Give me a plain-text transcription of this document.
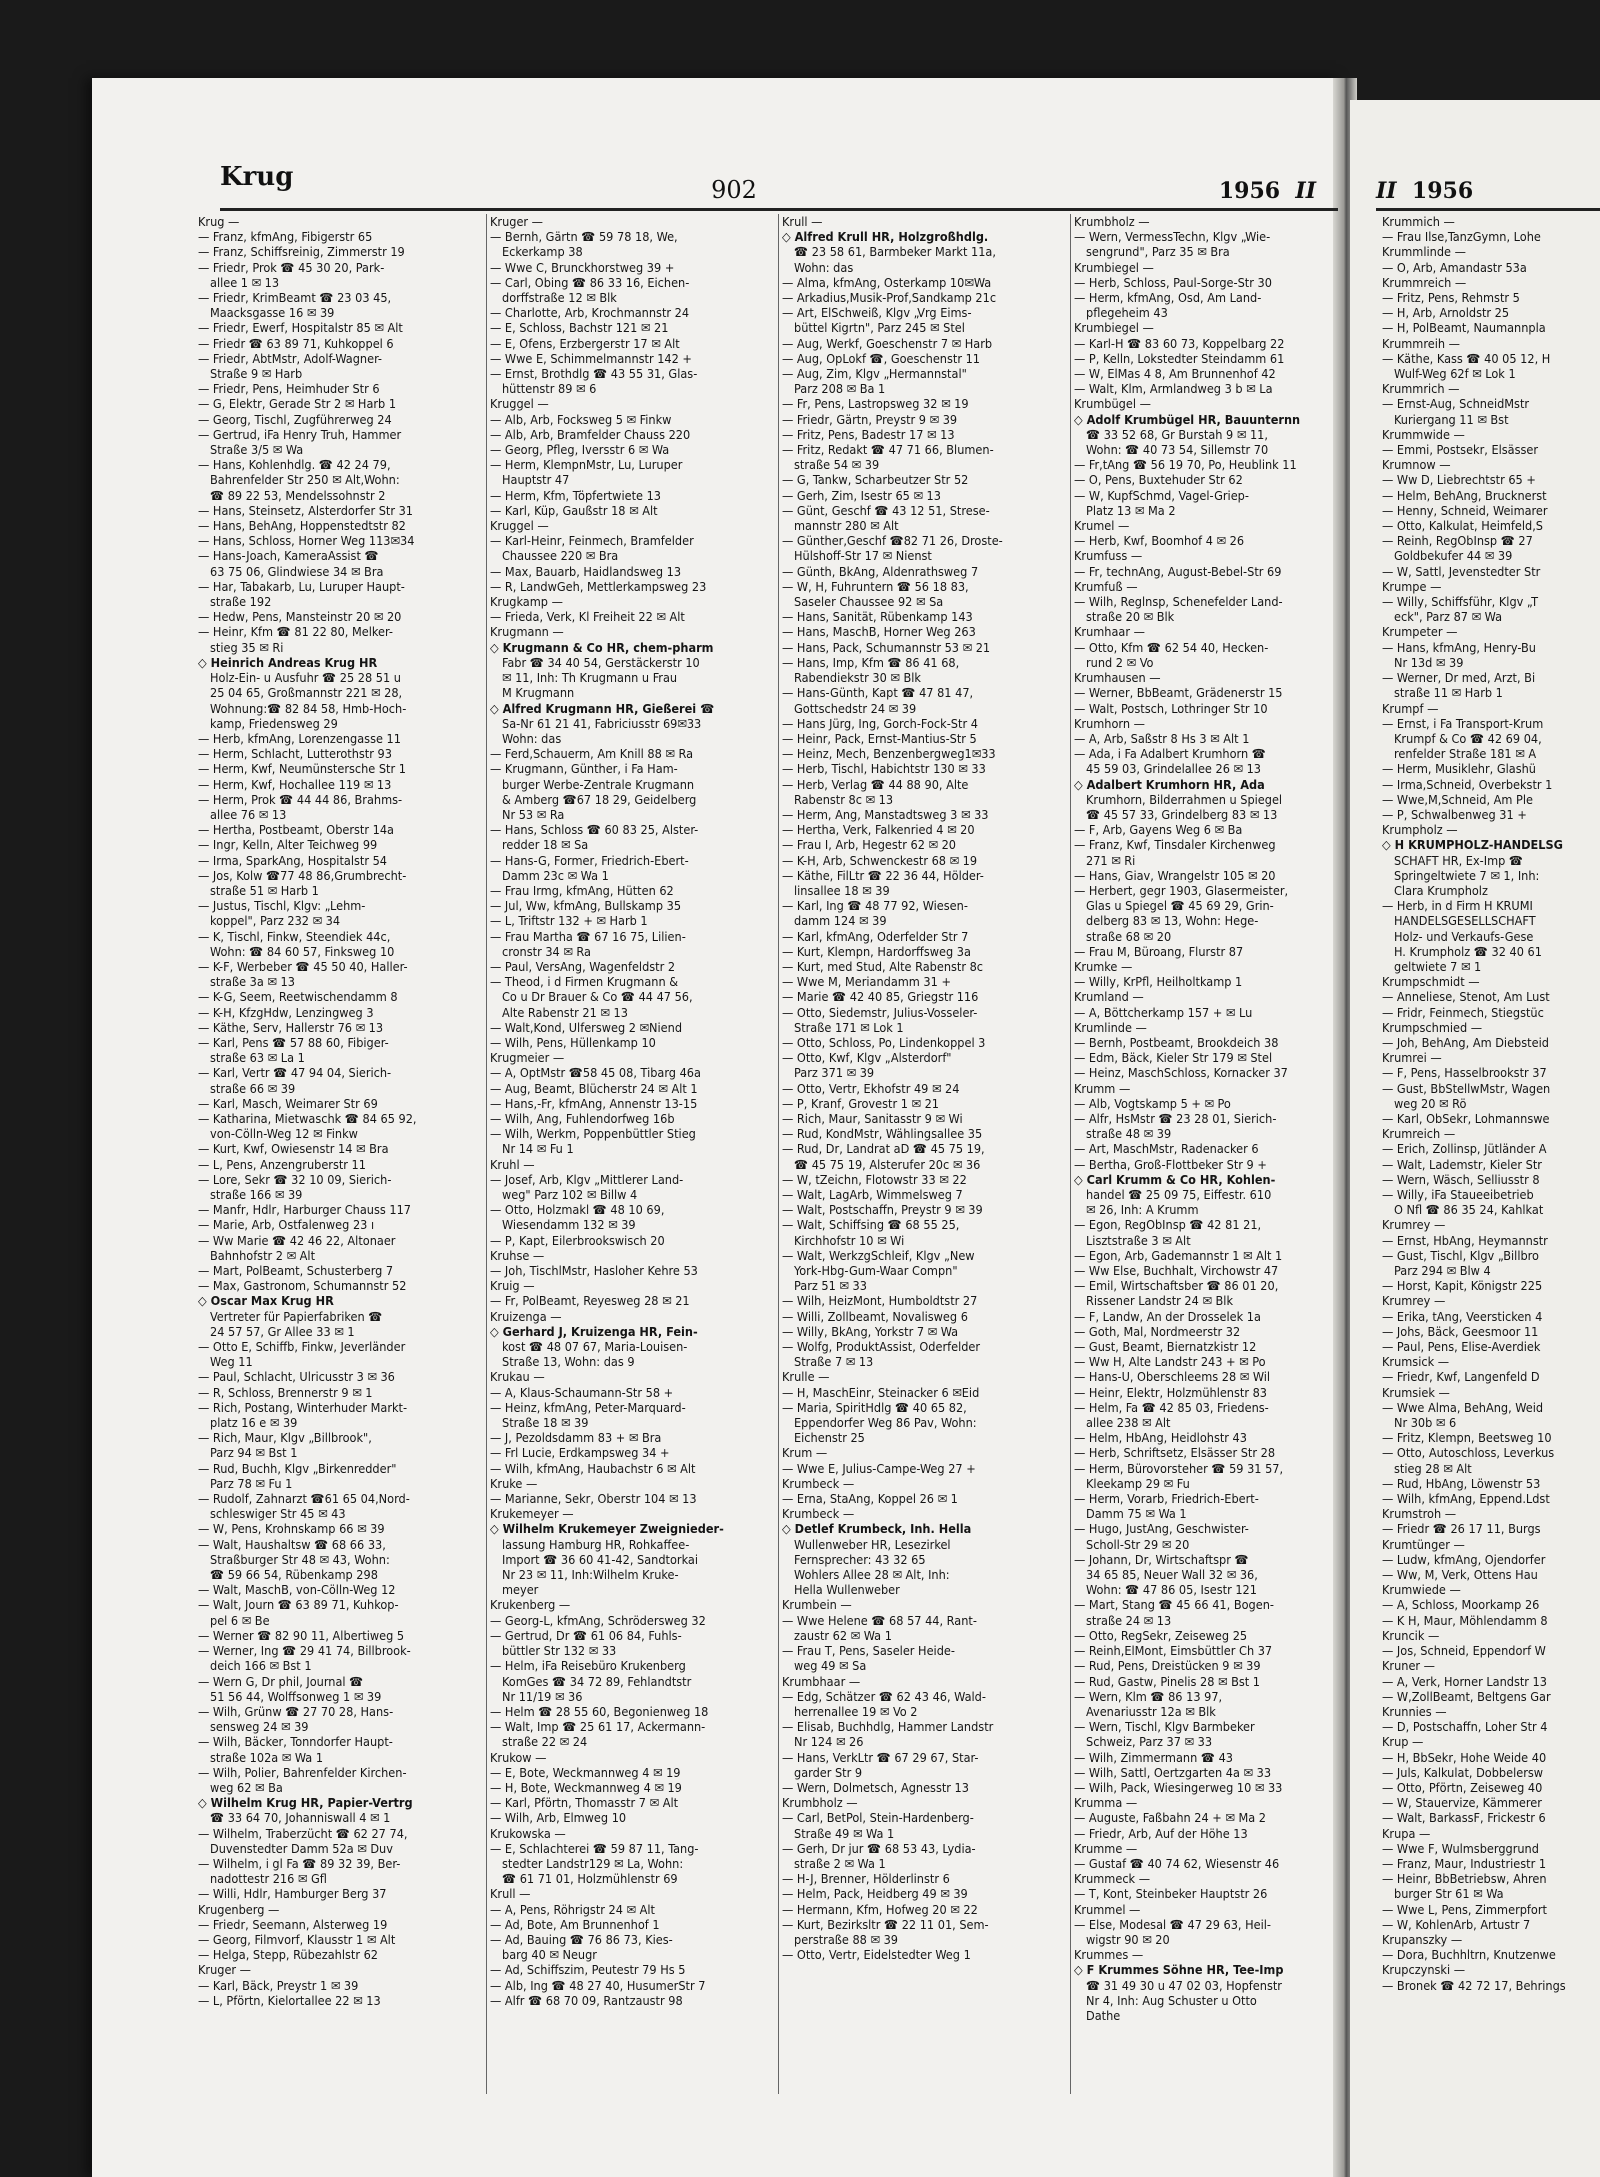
Krug	902	1956 II	II 1956
Krug —
— Franz, kfmAng, Fibigerstr 65
— Franz, Schiffsreinig, Zimmerstr 19
— Friedr, Prok ☎ 45 30 20, Park-
allee 1 ✉ 13
— Friedr, KrimBeamt ☎ 23 03 45,
Maacksgasse 16 ✉ 39
— Friedr, Ewerf, Hospitalstr 85 ✉ Alt
— Friedr ☎ 63 89 71, Kuhkoppel 6
— Friedr, AbtMstr, Adolf-Wagner-
Straße 9 ✉ Harb
— Friedr, Pens, Heimhuder Str 6
— G, Elektr, Gerade Str 2 ✉ Harb 1
— Georg, Tischl, Zugführerweg 24
— Gertrud, iFa Henry Truh, Hammer
Straße 3/5 ✉ Wa
— Hans, Kohlenhdlg. ☎ 42 24 79,
Bahrenfelder Str 250 ✉ Alt,Wohn:
☎ 89 22 53, Mendelssohnstr 2
— Hans, Steinsetz, Alsterdorfer Str 31
— Hans, BehAng, Hoppenstedtstr 82
— Hans, Schloss, Horner Weg 113✉34
— Hans-Joach, KameraAssist ☎
63 75 06, Glindwiese 34 ✉ Bra
— Har, Tabakarb, Lu, Luruper Haupt-
straße 192
— Hedw, Pens, Mansteinstr 20 ✉ 20
— Heinr, Kfm ☎ 81 22 80, Melker-
stieg 35 ✉ Ri
◇ Heinrich Andreas Krug HR
Holz-Ein- u Ausfuhr ☎ 25 28 51 u
25 04 65, Großmannstr 221 ✉ 28,
Wohnung:☎ 82 84 58, Hmb-Hoch-
kamp, Friedensweg 29
— Herb, kfmAng, Lorenzengasse 11
— Herm, Schlacht, Lutterothstr 93
— Herm, Kwf, Neumünstersche Str 1
— Herm, Kwf, Hochallee 119 ✉ 13
— Herm, Prok ☎ 44 44 86, Brahms-
allee 76 ✉ 13
— Hertha, Postbeamt, Oberstr 14a
— Ingr, Kelln, Alter Teichweg 99
— Irma, SparkAng, Hospitalstr 54
— Jos, Kolw ☎77 48 86,Grumbrecht-
straße 51 ✉ Harb 1
— Justus, Tischl, Klgv: „Lehm-
koppel", Parz 232 ✉ 34
— K, Tischl, Finkw, Steendiek 44c,
Wohn: ☎ 84 60 57, Finksweg 10
— K-F, Werbeber ☎ 45 50 40, Haller-
straße 3a ✉ 13
— K-G, Seem, Reetwischendamm 8
— K-H, KfzgHdw, Lenzingweg 3
— Käthe, Serv, Hallerstr 76 ✉ 13
— Karl, Pens ☎ 57 88 60, Fibiger-
straße 63 ✉ La 1
— Karl, Vertr ☎ 47 94 04, Sierich-
straße 66 ✉ 39
— Karl, Masch, Weimarer Str 69
— Katharina, Mietwaschk ☎ 84 65 92,
von-Cölln-Weg 12 ✉ Finkw
— Kurt, Kwf, Owiesenstr 14 ✉ Bra
— L, Pens, Anzengruberstr 11
— Lore, Sekr ☎ 32 10 09, Sierich-
straße 166 ✉ 39
— Manfr, Hdlr, Harburger Chauss 117
— Marie, Arb, Ostfalenweg 23 ı
— Ww Marie ☎ 42 46 22, Altonaer
Bahnhofstr 2 ✉ Alt
— Mart, PolBeamt, Schusterberg 7
— Max, Gastronom, Schumannstr 52
◇ Oscar Max Krug HR
Vertreter für Papierfabriken ☎
24 57 57, Gr Allee 33 ✉ 1
— Otto E, Schiffb, Finkw, Jeverländer
Weg 11
— Paul, Schlacht, Ulricusstr 3 ✉ 36
— R, Schloss, Brennerstr 9 ✉ 1
— Rich, Postang, Winterhuder Markt-
platz 16 e ✉ 39
— Rich, Maur, Klgv „Billbrook",
Parz 94 ✉ Bst 1
— Rud, Buchh, Klgv „Birkenredder"
Parz 78 ✉ Fu 1
— Rudolf, Zahnarzt ☎61 65 04,Nord-
schleswiger Str 45 ✉ 43
— W, Pens, Krohnskamp 66 ✉ 39
— Walt, Haushaltsw ☎ 68 66 33,
Straßburger Str 48 ✉ 43, Wohn:
☎ 59 66 54, Rübenkamp 298
— Walt, MaschB, von-Cölln-Weg 12
— Walt, Journ ☎ 63 89 71, Kuhkop-
pel 6 ✉ Be
— Werner ☎ 82 90 11, Albertiweg 5
— Werner, Ing ☎ 29 41 74, Billbrook-
deich 166 ✉ Bst 1
— Wern G, Dr phil, Journal ☎
51 56 44, Wolffsonweg 1 ✉ 39
— Wilh, Grünw ☎ 27 70 28, Hans-
sensweg 24 ✉ 39
— Wilh, Bäcker, Tonndorfer Haupt-
straße 102a ✉ Wa 1
— Wilh, Polier, Bahrenfelder Kirchen-
weg 62 ✉ Ba
◇ Wilhelm Krug HR, Papier-Vertrg
☎ 33 64 70, Johanniswall 4 ✉ 1
— Wilhelm, Traberzücht ☎ 62 27 74,
Duvenstedter Damm 52a ✉ Duv
— Wilhelm, i gl Fa ☎ 89 32 39, Ber-
nadottestr 216 ✉ Gfl
— Willi, Hdlr, Hamburger Berg 37
Krugenberg —
— Friedr, Seemann, Alsterweg 19
— Georg, Filmvorf, Klausstr 1 ✉ Alt
— Helga, Stepp, Rübezahlstr 62
Kruger —
— Karl, Bäck, Preystr 1 ✉ 39
— L, Pförtn, Kielortallee 22 ✉ 13
Kruger —
— Bernh, Gärtn ☎ 59 78 18, We,
Eckerkamp 38
— Wwe C, Brunckhorstweg 39 +
— Carl, Obing ☎ 86 33 16, Eichen-
dorffstraße 12 ✉ Blk
— Charlotte, Arb, Krochmannstr 24
— E, Schloss, Bachstr 121 ✉ 21
— E, Ofens, Erzbergerstr 17 ✉ Alt
— Wwe E, Schimmelmannstr 142 +
— Ernst, Brothdlg ☎ 43 55 31, Glas-
hüttenstr 89 ✉ 6
Kruggel —
— Alb, Arb, Focksweg 5 ✉ Finkw
— Alb, Arb, Bramfelder Chauss 220
— Georg, Pfleg, Iversstr 6 ✉ Wa
— Herm, KlempnMstr, Lu, Luruper
Hauptstr 47
— Herm, Kfm, Töpfertwiete 13
— Karl, Küp, Gaußstr 18 ✉ Alt
Kruggel —
— Karl-Heinr, Feinmech, Bramfelder
Chaussee 220 ✉ Bra
— Max, Bauarb, Haidlandsweg 13
— R, LandwGeh, Mettlerkampsweg 23
Krugkamp —
— Frieda, Verk, Kl Freiheit 22 ✉ Alt
Krugmann —
◇ Krugmann & Co HR, chem-pharm
Fabr ☎ 34 40 54, Gerstäckerstr 10
✉ 11, Inh: Th Krugmann u Frau
M Krugmann
◇ Alfred Krugmann HR, Gießerei ☎
Sa-Nr 61 21 41, Fabriciusstr 69✉33
Wohn: das
— Ferd,Schauerm, Am Knill 88 ✉ Ra
— Krugmann, Günther, i Fa Ham-
burger Werbe-Zentrale Krugmann
& Amberg ☎67 18 29, Geidelberg
Nr 53 ✉ Ra
— Hans, Schloss ☎ 60 83 25, Alster-
redder 18 ✉ Sa
— Hans-G, Former, Friedrich-Ebert-
Damm 23c ✉ Wa 1
— Frau Irmg, kfmAng, Hütten 62
— Jul, Ww, kfmAng, Bullskamp 35
— L, Triftstr 132 + ✉ Harb 1
— Frau Martha ☎ 67 16 75, Lilien-
cronstr 34 ✉ Ra
— Paul, VersAng, Wagenfeldstr 2
— Theod, i d Firmen Krugmann &
Co u Dr Brauer & Co ☎ 44 47 56,
Alte Rabenstr 21 ✉ 13
— Walt,Kond, Ulfersweg 2 ✉Niend
— Wilh, Pens, Hüllenkamp 10
Krugmeier —
— A, OptMstr ☎58 45 08, Tibarg 46a
— Aug, Beamt, Blücherstr 24 ✉ Alt 1
— Hans,-Fr, kfmAng, Annenstr 13-15
— Wilh, Ang, Fuhlendorfweg 16b
— Wilh, Werkm, Poppenbüttler Stieg
Nr 14 ✉ Fu 1
Kruhl —
— Josef, Arb, Klgv „Mittlerer Land-
weg" Parz 102 ✉ Billw 4
— Otto, Holzmakl ☎ 48 10 69,
Wiesendamm 132 ✉ 39
— P, Kapt, Eilerbrookswisch 20
Kruhse —
— Joh, TischlMstr, Hasloher Kehre 53
Kruig —
— Fr, PolBeamt, Reyesweg 28 ✉ 21
Kruizenga —
◇ Gerhard J, Kruizenga HR, Fein-
kost ☎ 48 07 67, Maria-Louisen-
Straße 13, Wohn: das 9
Krukau —
— A, Klaus-Schaumann-Str 58 +
— Heinz, kfmAng, Peter-Marquard-
Straße 18 ✉ 39
— J, Pezoldsdamm 83 + ✉ Bra
— Frl Lucie, Erdkampsweg 34 +
— Wilh, kfmAng, Haubachstr 6 ✉ Alt
Kruke —
— Marianne, Sekr, Oberstr 104 ✉ 13
Krukemeyer —
◇ Wilhelm Krukemeyer Zweignieder-
lassung Hamburg HR, Rohkaffee-
Import ☎ 36 60 41-42, Sandtorkai
Nr 23 ✉ 11, Inh:Wilhelm Kruke-
meyer
Krukenberg —
— Georg-L, kfmAng, Schrödersweg 32
— Gertrud, Dr ☎ 61 06 84, Fuhls-
büttler Str 132 ✉ 33
— Helm, iFa Reisebüro Krukenberg
KomGes ☎ 34 72 89, Fehlandtstr
Nr 11/19 ✉ 36
— Helm ☎ 28 55 60, Begonienweg 18
— Walt, Imp ☎ 25 61 17, Ackermann-
straße 22 ✉ 24
Krukow —
— E, Bote, Weckmannweg 4 ✉ 19
— H, Bote, Weckmannweg 4 ✉ 19
— Karl, Pförtn, Thomasstr 7 ✉ Alt
— Wilh, Arb, Elmweg 10
Krukowska —
— E, Schlachterei ☎ 59 87 11, Tang-
stedter Landstr129 ✉ La, Wohn:
☎ 61 71 01, Holzmühlenstr 69
Krull —
— A, Pens, Röhrigstr 24 ✉ Alt
— Ad, Bote, Am Brunnenhof 1
— Ad, Bauing ☎ 76 86 73, Kies-
barg 40 ✉ Neugr
— Ad, Schiffszim, Peutestr 79 Hs 5
— Alb, Ing ☎ 48 27 40, HusumerStr 7
— Alfr ☎ 68 70 09, Rantzaustr 98
Krull —
◇ Alfred Krull HR, Holzgroßhdlg.
☎ 23 58 61, Barmbeker Markt 11a,
Wohn: das
— Alma, kfmAng, Osterkamp 10✉Wa
— Arkadius,Musik-Prof,Sandkamp 21c
— Art, ElSchweiß, Klgv „Vrg Eims-
büttel Kigrtn", Parz 245 ✉ Stel
— Aug, Werkf, Goeschenstr 7 ✉ Harb
— Aug, OpLokf ☎, Goeschenstr 11
— Aug, Zim, Klgv „Hermannstal"
Parz 208 ✉ Ba 1
— Fr, Pens, Lastropsweg 32 ✉ 19
— Friedr, Gärtn, Preystr 9 ✉ 39
— Fritz, Pens, Badestr 17 ✉ 13
— Fritz, Redakt ☎ 47 71 66, Blumen-
straße 54 ✉ 39
— G, Tankw, Scharbeutzer Str 52
— Gerh, Zim, Isestr 65 ✉ 13
— Günt, Geschf ☎ 43 12 51, Strese-
mannstr 280 ✉ Alt
— Günther,Geschf ☎82 71 26, Droste-
Hülshoff-Str 17 ✉ Nienst
— Günth, BkAng, Aldenrathsweg 7
— W, H, Fuhruntern ☎ 56 18 83,
Saseler Chaussee 92 ✉ Sa
— Hans, Sanität, Rübenkamp 143
— Hans, MaschB, Horner Weg 263
— Hans, Pack, Schumannstr 53 ✉ 21
— Hans, Imp, Kfm ☎ 86 41 68,
Rabendiekstr 30 ✉ Blk
— Hans-Günth, Kapt ☎ 47 81 47,
Gottschedstr 24 ✉ 39
— Hans Jürg, Ing, Gorch-Fock-Str 4
— Heinr, Pack, Ernst-Mantius-Str 5
— Heinz, Mech, Benzenbergweg1✉33
— Herb, Tischl, Habichtstr 130 ✉ 33
— Herb, Verlag ☎ 44 88 90, Alte
Rabenstr 8c ✉ 13
— Herm, Ang, Manstadtsweg 3 ✉ 33
— Hertha, Verk, Falkenried 4 ✉ 20
— Frau I, Arb, Hegestr 62 ✉ 20
— K-H, Arb, Schwenckestr 68 ✉ 19
— Käthe, FilLtr ☎ 22 36 44, Hölder-
linsallee 18 ✉ 39
— Karl, Ing ☎ 48 77 92, Wiesen-
damm 124 ✉ 39
— Karl, kfmAng, Oderfelder Str 7
— Kurt, Klempn, Hardorffsweg 3a
— Kurt, med Stud, Alte Rabenstr 8c
— Wwe M, Meriandamm 31 +
— Marie ☎ 42 40 85, Griegstr 116
— Otto, Siedemstr, Julius-Vosseler-
Straße 171 ✉ Lok 1
— Otto, Schloss, Po, Lindenkoppel 3
— Otto, Kwf, Klgv „Alsterdorf"
Parz 371 ✉ 39
— Otto, Vertr, Ekhofstr 49 ✉ 24
— P, Kranf, Grovestr 1 ✉ 21
— Rich, Maur, Sanitasstr 9 ✉ Wi
— Rud, KondMstr, Wählingsallee 35
— Rud, Dr, Landrat aD ☎ 45 75 19,
☎ 45 75 19, Alsterufer 20c ✉ 36
— W, tZeichn, Flotowstr 33 ✉ 22
— Walt, LagArb, Wimmelsweg 7
— Walt, Postschaffn, Preystr 9 ✉ 39
— Walt, Schiffsing ☎ 68 55 25,
Kirchhofstr 10 ✉ Wi
— Walt, WerkzgSchleif, Klgv „New
York-Hbg-Gum-Waar Compn"
Parz 51 ✉ 33
— Wilh, HeizMont, Humboldtstr 27
— Willi, Zollbeamt, Novalisweg 6
— Willy, BkAng, Yorkstr 7 ✉ Wa
— Wolfg, ProduktAssist, Oderfelder
Straße 7 ✉ 13
Krulle —
— H, MaschEinr, Steinacker 6 ✉Eid
— Maria, SpiritHdlg ☎ 40 65 82,
Eppendorfer Weg 86 Pav, Wohn:
Eichenstr 25
Krum —
— Wwe E, Julius-Campe-Weg 27 +
Krumbeck —
— Erna, StaAng, Koppel 26 ✉ 1
Krumbeck —
◇ Detlef Krumbeck, Inh. Hella
Wullenweber HR, Lesezirkel
Fernsprecher: 43 32 65
Wohlers Allee 28 ✉ Alt, Inh:
Hella Wullenweber
Krumbein —
— Wwe Helene ☎ 68 57 44, Rant-
zaustr 62 ✉ Wa 1
— Frau T, Pens, Saseler Heide-
weg 49 ✉ Sa
Krumbhaar —
— Edg, Schätzer ☎ 62 43 46, Wald-
herrenallee 19 ✉ Vo 2
— Elisab, Buchhdlg, Hammer Landstr
Nr 124 ✉ 26
— Hans, VerkLtr ☎ 67 29 67, Star-
garder Str 9
— Wern, Dolmetsch, Agnesstr 13
Krumbholz —
— Carl, BetPol, Stein-Hardenberg-
Straße 49 ✉ Wa 1
— Gerh, Dr jur ☎ 68 53 43, Lydia-
straße 2 ✉ Wa 1
— H-J, Brenner, Hölderlinstr 6
— Helm, Pack, Heidberg 49 ✉ 39
— Hermann, Kfm, Hofweg 20 ✉ 22
— Kurt, Bezirksltr ☎ 22 11 01, Sem-
perstraße 88 ✉ 39
— Otto, Vertr, Eidelstedter Weg 1
Krumbholz —
— Wern, VermessTechn, Klgv „Wie-
sengrund", Parz 35 ✉ Bra
Krumbiegel —
— Herb, Schloss, Paul-Sorge-Str 30
— Herm, kfmAng, Osd, Am Land-
pflegeheim 43
Krumbiegel —
— Karl-H ☎ 83 60 73, Koppelbarg 22
— P, Kelln, Lokstedter Steindamm 61
— W, ElMas 4 8, Am Brunnenhof 42
— Walt, Klm, Armlandweg 3 b ✉ La
Krumbügel —
◇ Adolf Krumbügel HR, Bauunternn
☎ 33 52 68, Gr Burstah 9 ✉ 11,
Wohn: ☎ 40 73 54, Sillemstr 70
— Fr,tAng ☎ 56 19 70, Po, Heublink 11
— O, Pens, Buxtehuder Str 62
— W, KupfSchmd, Vagel-Griep-
Platz 13 ✉ Ma 2
Krumel —
— Herb, Kwf, Boomhof 4 ✉ 26
Krumfuss —
— Fr, technAng, August-Bebel-Str 69
Krumfuß —
— Wilh, Reglnsp, Schenefelder Land-
straße 20 ✉ Blk
Krumhaar —
— Otto, Kfm ☎ 62 54 40, Hecken-
rund 2 ✉ Vo
Krumhausen —
— Werner, BbBeamt, Grädenerstr 15
— Walt, Postsch, Lothringer Str 10
Krumhorn —
— A, Arb, Saßstr 8 Hs 3 ✉ Alt 1
— Ada, i Fa Adalbert Krumhorn ☎
45 59 03, Grindelallee 26 ✉ 13
◇ Adalbert Krumhorn HR, Ada
Krumhorn, Bilderrahmen u Spiegel
☎ 45 57 33, Grindelberg 83 ✉ 13
— F, Arb, Gayens Weg 6 ✉ Ba
— Franz, Kwf, Tinsdaler Kirchenweg
271 ✉ Ri
— Hans, Giav, Wrangelstr 105 ✉ 20
— Herbert, gegr 1903, Glasermeister,
Glas u Spiegel ☎ 45 69 29, Grin-
delberg 83 ✉ 13, Wohn: Hege-
straße 68 ✉ 20
— Frau M, Büroang, Flurstr 87
Krumke —
— Willy, KrPfl, Heilholtkamp 1
Krumland —
— A, Böttcherkamp 157 + ✉ Lu
Krumlinde —
— Bernh, Postbeamt, Brookdeich 38
— Edm, Bäck, Kieler Str 179 ✉ Stel
— Heinz, MaschSchloss, Kornacker 37
Krumm —
— Alb, Vogtskamp 5 + ✉ Po
— Alfr, HsMstr ☎ 23 28 01, Sierich-
straße 48 ✉ 39
— Art, MaschMstr, Radenacker 6
— Bertha, Groß-Flottbeker Str 9 +
◇ Carl Krumm & Co HR, Kohlen-
handel ☎ 25 09 75, Eiffestr. 610
✉ 26, Inh: A Krumm
— Egon, RegObInsp ☎ 42 81 21,
Lisztstraße 3 ✉ Alt
— Egon, Arb, Gademannstr 1 ✉ Alt 1
— Ww Else, Buchhalt, Virchowstr 47
— Emil, Wirtschaftsber ☎ 86 01 20,
Rissener Landstr 24 ✉ Blk
— F, Landw, An der Drosselek 1a
— Goth, Mal, Nordmeerstr 32
— Gust, Beamt, Biernatzkistr 12
— Ww H, Alte Landstr 243 + ✉ Po
— Hans-U, Oberschleems 28 ✉ Wil
— Heinr, Elektr, Holzmühlenstr 83
— Helm, Fa ☎ 42 85 03, Friedens-
allee 238 ✉ Alt
— Helm, HbAng, Heidlohstr 43
— Herb, Schriftsetz, Elsässer Str 28
— Herm, Bürovorsteher ☎ 59 31 57,
Kleekamp 29 ✉ Fu
— Herm, Vorarb, Friedrich-Ebert-
Damm 75 ✉ Wa 1
— Hugo, JustAng, Geschwister-
Scholl-Str 29 ✉ 20
— Johann, Dr, Wirtschaftspr ☎
34 65 85, Neuer Wall 32 ✉ 36,
Wohn: ☎ 47 86 05, Isestr 121
— Mart, Stang ☎ 45 66 41, Bogen-
straße 24 ✉ 13
— Otto, RegSekr, Zeiseweg 25
— Reinh,ElMont, Eimsbüttler Ch 37
— Rud, Pens, Dreistücken 9 ✉ 39
— Rud, Gastw, Pinelis 28 ✉ Bst 1
— Wern, Klm ☎ 86 13 97,
Avenariusstr 12a ✉ Blk
— Wern, Tischl, Klgv Barmbeker
Schweiz, Parz 37 ✉ 33
— Wilh, Zimmermann ☎ 43
— Wilh, Sattl, Oertzgarten 4a ✉ 33
— Wilh, Pack, Wiesingerweg 10 ✉ 33
Krumma —
— Auguste, Faßbahn 24 + ✉ Ma 2
— Friedr, Arb, Auf der Höhe 13
Krumme —
— Gustaf ☎ 40 74 62, Wiesenstr 46
Krummeck —
— T, Kont, Steinbeker Hauptstr 26
Krummel —
— Else, Modesal ☎ 47 29 63, Heil-
wigstr 90 ✉ 20
Krummes —
◇ F Krummes Söhne HR, Tee-Imp
☎ 31 49 30 u 47 02 03, Hopfenstr
Nr 4, Inh: Aug Schuster u Otto
Dathe
Krummich —
— Frau Ilse,TanzGymn, Lohe
Krummlinde —
— O, Arb, Amandastr 53a
Krummreich —
— Fritz, Pens, Rehmstr 5
— H, Arb, Arnoldstr 25
— H, PolBeamt, Naumannpla
Krummreih —
— Käthe, Kass ☎ 40 05 12, H
Wulf-Weg 62f ✉ Lok 1
Krummrich —
— Ernst-Aug, SchneidMstr
Kuriergang 11 ✉ Bst
Krummwide —
— Emmi, Postsekr, Elsässer
Krumnow —
— Ww D, Liebrechtstr 65 +
— Helm, BehAng, Brucknerst
— Henny, Schneid, Weimarer
— Otto, Kalkulat, Heimfeld,S
— Reinh, RegObInsp ☎ 27
Goldbekufer 44 ✉ 39
— W, Sattl, Jevenstedter Str
Krumpe —
— Willy, Schiffsführ, Klgv „T
eck", Parz 87 ✉ Wa
Krumpeter —
— Hans, kfmAng, Henry-Bu
Nr 13d ✉ 39
— Werner, Dr med, Arzt, Bi
straße 11 ✉ Harb 1
Krumpf —
— Ernst, i Fa Transport-Krum
Krumpf & Co ☎ 42 69 04,
renfelder Straße 181 ✉ A
— Herm, Musiklehr, Glashü
— Irma,Schneid, Overbekstr 1
— Wwe,M,Schneid, Am Ple
— P, Schwalbenweg 31 +
Krumpholz —
◇ H KRUMPHOLZ-HANDELSG
SCHAFT HR, Ex-Imp ☎
Springeltwiete 7 ✉ 1, Inh:
Clara Krumpholz
— Herb, in d Firm H KRUMI
HANDELSGESELLSCHAFT
Holz- und Verkaufs-Gese
H. Krumpholz ☎ 32 40 61
geltwiete 7 ✉ 1
Krumpschmidt —
— Anneliese, Stenot, Am Lust
— Fridr, Feinmech, Stiegstüc
Krumpschmied —
— Joh, BehAng, Am Diebsteid
Krumrei —
— F, Pens, Hasselbrookstr 37
— Gust, BbStellwMstr, Wagen
weg 20 ✉ Rö
— Karl, ObSekr, Lohmannswe
Krumreich —
— Erich, Zollinsp, Jütländer A
— Walt, Lademstr, Kieler Str
— Wern, Wäsch, Selliusstr 8
— Willy, iFa Staueeibetrieb
O Nfl ☎ 86 35 24, Kahlkat
Krumrey —
— Ernst, HbAng, Heymannstr
— Gust, Tischl, Klgv „Billbro
Parz 294 ✉ Blw 4
— Horst, Kapit, Königstr 225
Krumrey —
— Erika, tAng, Veersticken 4
— Johs, Bäck, Geesmoor 11
— Paul, Pens, Elise-Averdiek
Krumsick —
— Friedr, Kwf, Langenfeld D
Krumsiek —
— Wwe Alma, BehAng, Weid
Nr 30b ✉ 6
— Fritz, Klempn, Beetsweg 10
— Otto, Autoschloss, Leverkus
stieg 28 ✉ Alt
— Rud, HbAng, Löwenstr 53
— Wilh, kfmAng, Eppend.Ldst
Krumstroh —
— Friedr ☎ 26 17 11, Burgs
Krumtünger —
— Ludw, kfmAng, Ojendorfer
— Ww, M, Verk, Ottens Hau
Krumwiede —
— A, Schloss, Moorkamp 26
— K H, Maur, Möhlendamm 8
Kruncik —
— Jos, Schneid, Eppendorf W
Kruner —
— A, Verk, Horner Landstr 13
— W,ZollBeamt, Beltgens Gar
Krunnies —
— D, Postschaffn, Loher Str 4
Krup —
— H, BbSekr, Hohe Weide 40
— Juls, Kalkulat, Dobbelersw
— Otto, Pförtn, Zeiseweg 40
— W, Stauervize, Kämmerer
— Walt, BarkassF, Frickestr 6
Krupa —
— Wwe F, Wulmsberggrund
— Franz, Maur, Industriestr 1
— Heinr, BbBetriebsw, Ahren
burger Str 61 ✉ Wa
— Wwe L, Pens, Zimmerpfort
— W, KohlenArb, Artustr 7
Krupanszky —
— Dora, Buchhltrn, Knutzenwe
Krupczynski —
— Bronek ☎ 42 72 17, Behrings
